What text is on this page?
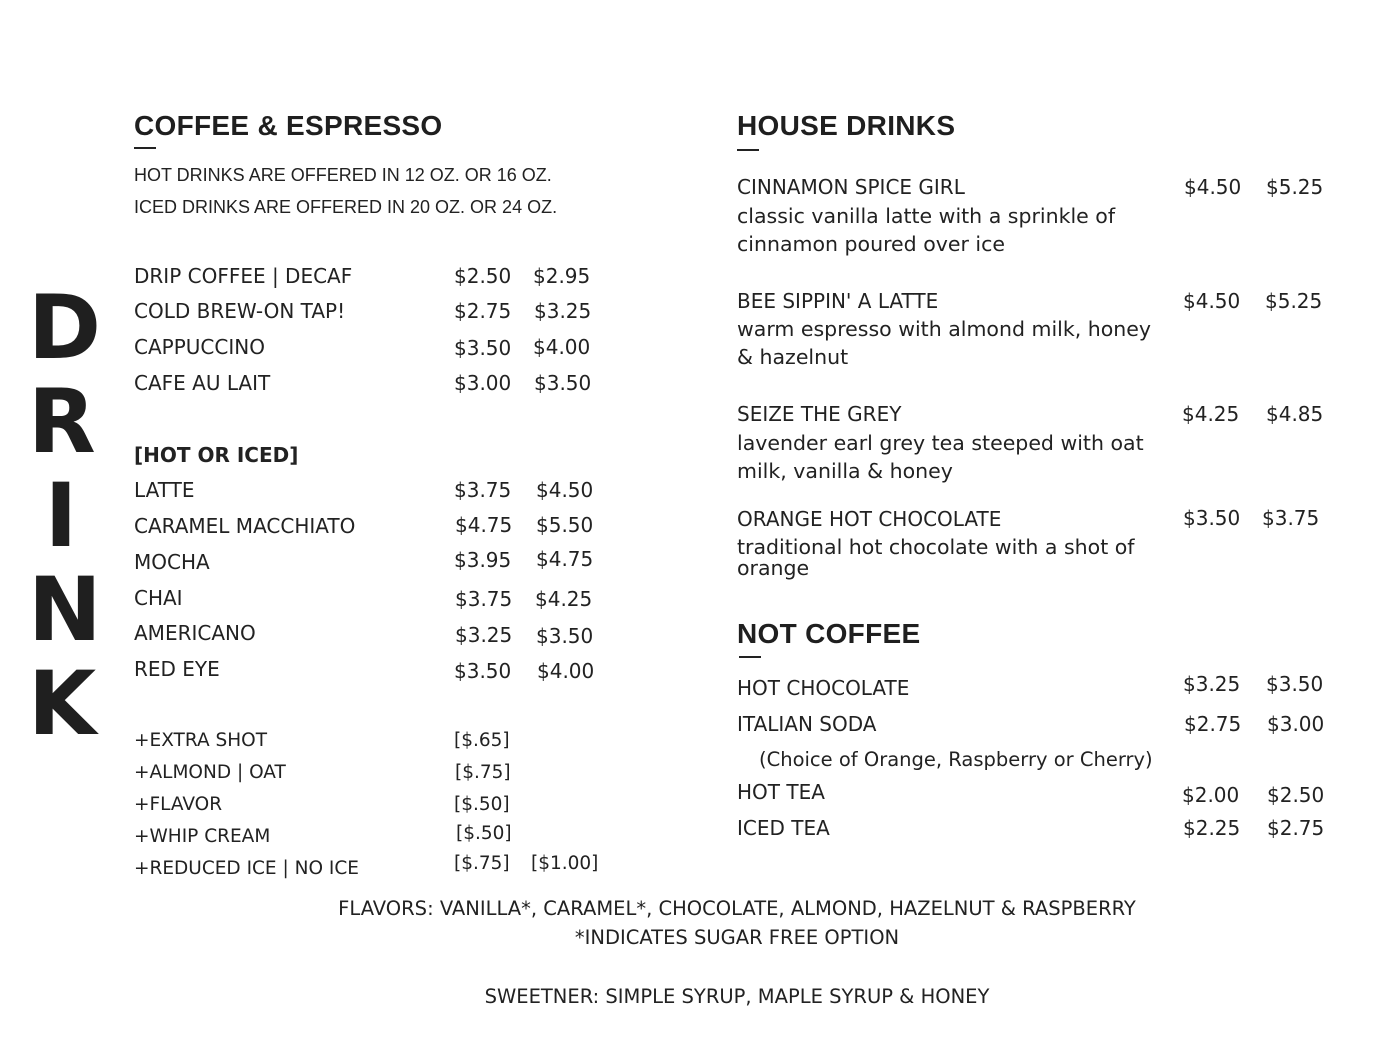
D
R
I
N
K
COFFEE & ESPRESSO
HOT DRINKS ARE OFFERED IN 12 OZ. OR 16 OZ.
ICED DRINKS ARE OFFERED IN 20 OZ. OR 24 OZ.
DRIP COFFEE | DECAF	$2.50 $2.95
COLD BREW-ON TAP!	$2.75 $3.25
CAPPUCCINO	$3.50 $4.00
CAFE AU LAIT	$3.00 $3.50
[HOT OR ICED]
LATTE	$3.75 $4.50
CARAMEL MACCHIATO	$4.75 $5.50
MOCHA	$3.95 $4.75
CHAI	$3.75 $4.25
AMERICANO	$3.25 $3.50
RED EYE	$3.50 $4.00
+EXTRA SHOT	[$.65]
+ALMOND | OAT	[$.75]
+FLAVOR	[$.50]
+WHIP CREAM	[$.50]
+REDUCED ICE | NO ICE	[$.75] [$1.00]
HOUSE DRINKS
CINNAMON SPICE GIRL	$4.50 $5.25
classic vanilla latte with a sprinkle of cinnamon poured over ice
BEE SIPPIN' A LATTE	$4.50 $5.25
warm espresso with almond milk, honey & hazelnut
SEIZE THE GREY	$4.25 $4.85
lavender earl grey tea steeped with oat milk, vanilla & honey
ORANGE HOT CHOCOLATE	$3.50 $3.75
traditional hot chocolate with a shot of orange
NOT COFFEE
HOT CHOCOLATE	$3.25 $3.50
ITALIAN SODA	$2.75 $3.00
(Choice of Orange, Raspberry or Cherry)
HOT TEA	$2.00 $2.50
ICED TEA	$2.25 $2.75
FLAVORS: VANILLA*, CARAMEL*, CHOCOLATE, ALMOND, HAZELNUT & RASPBERRY
*INDICATES SUGAR FREE OPTION
SWEETNER: SIMPLE SYRUP, MAPLE SYRUP & HONEY
